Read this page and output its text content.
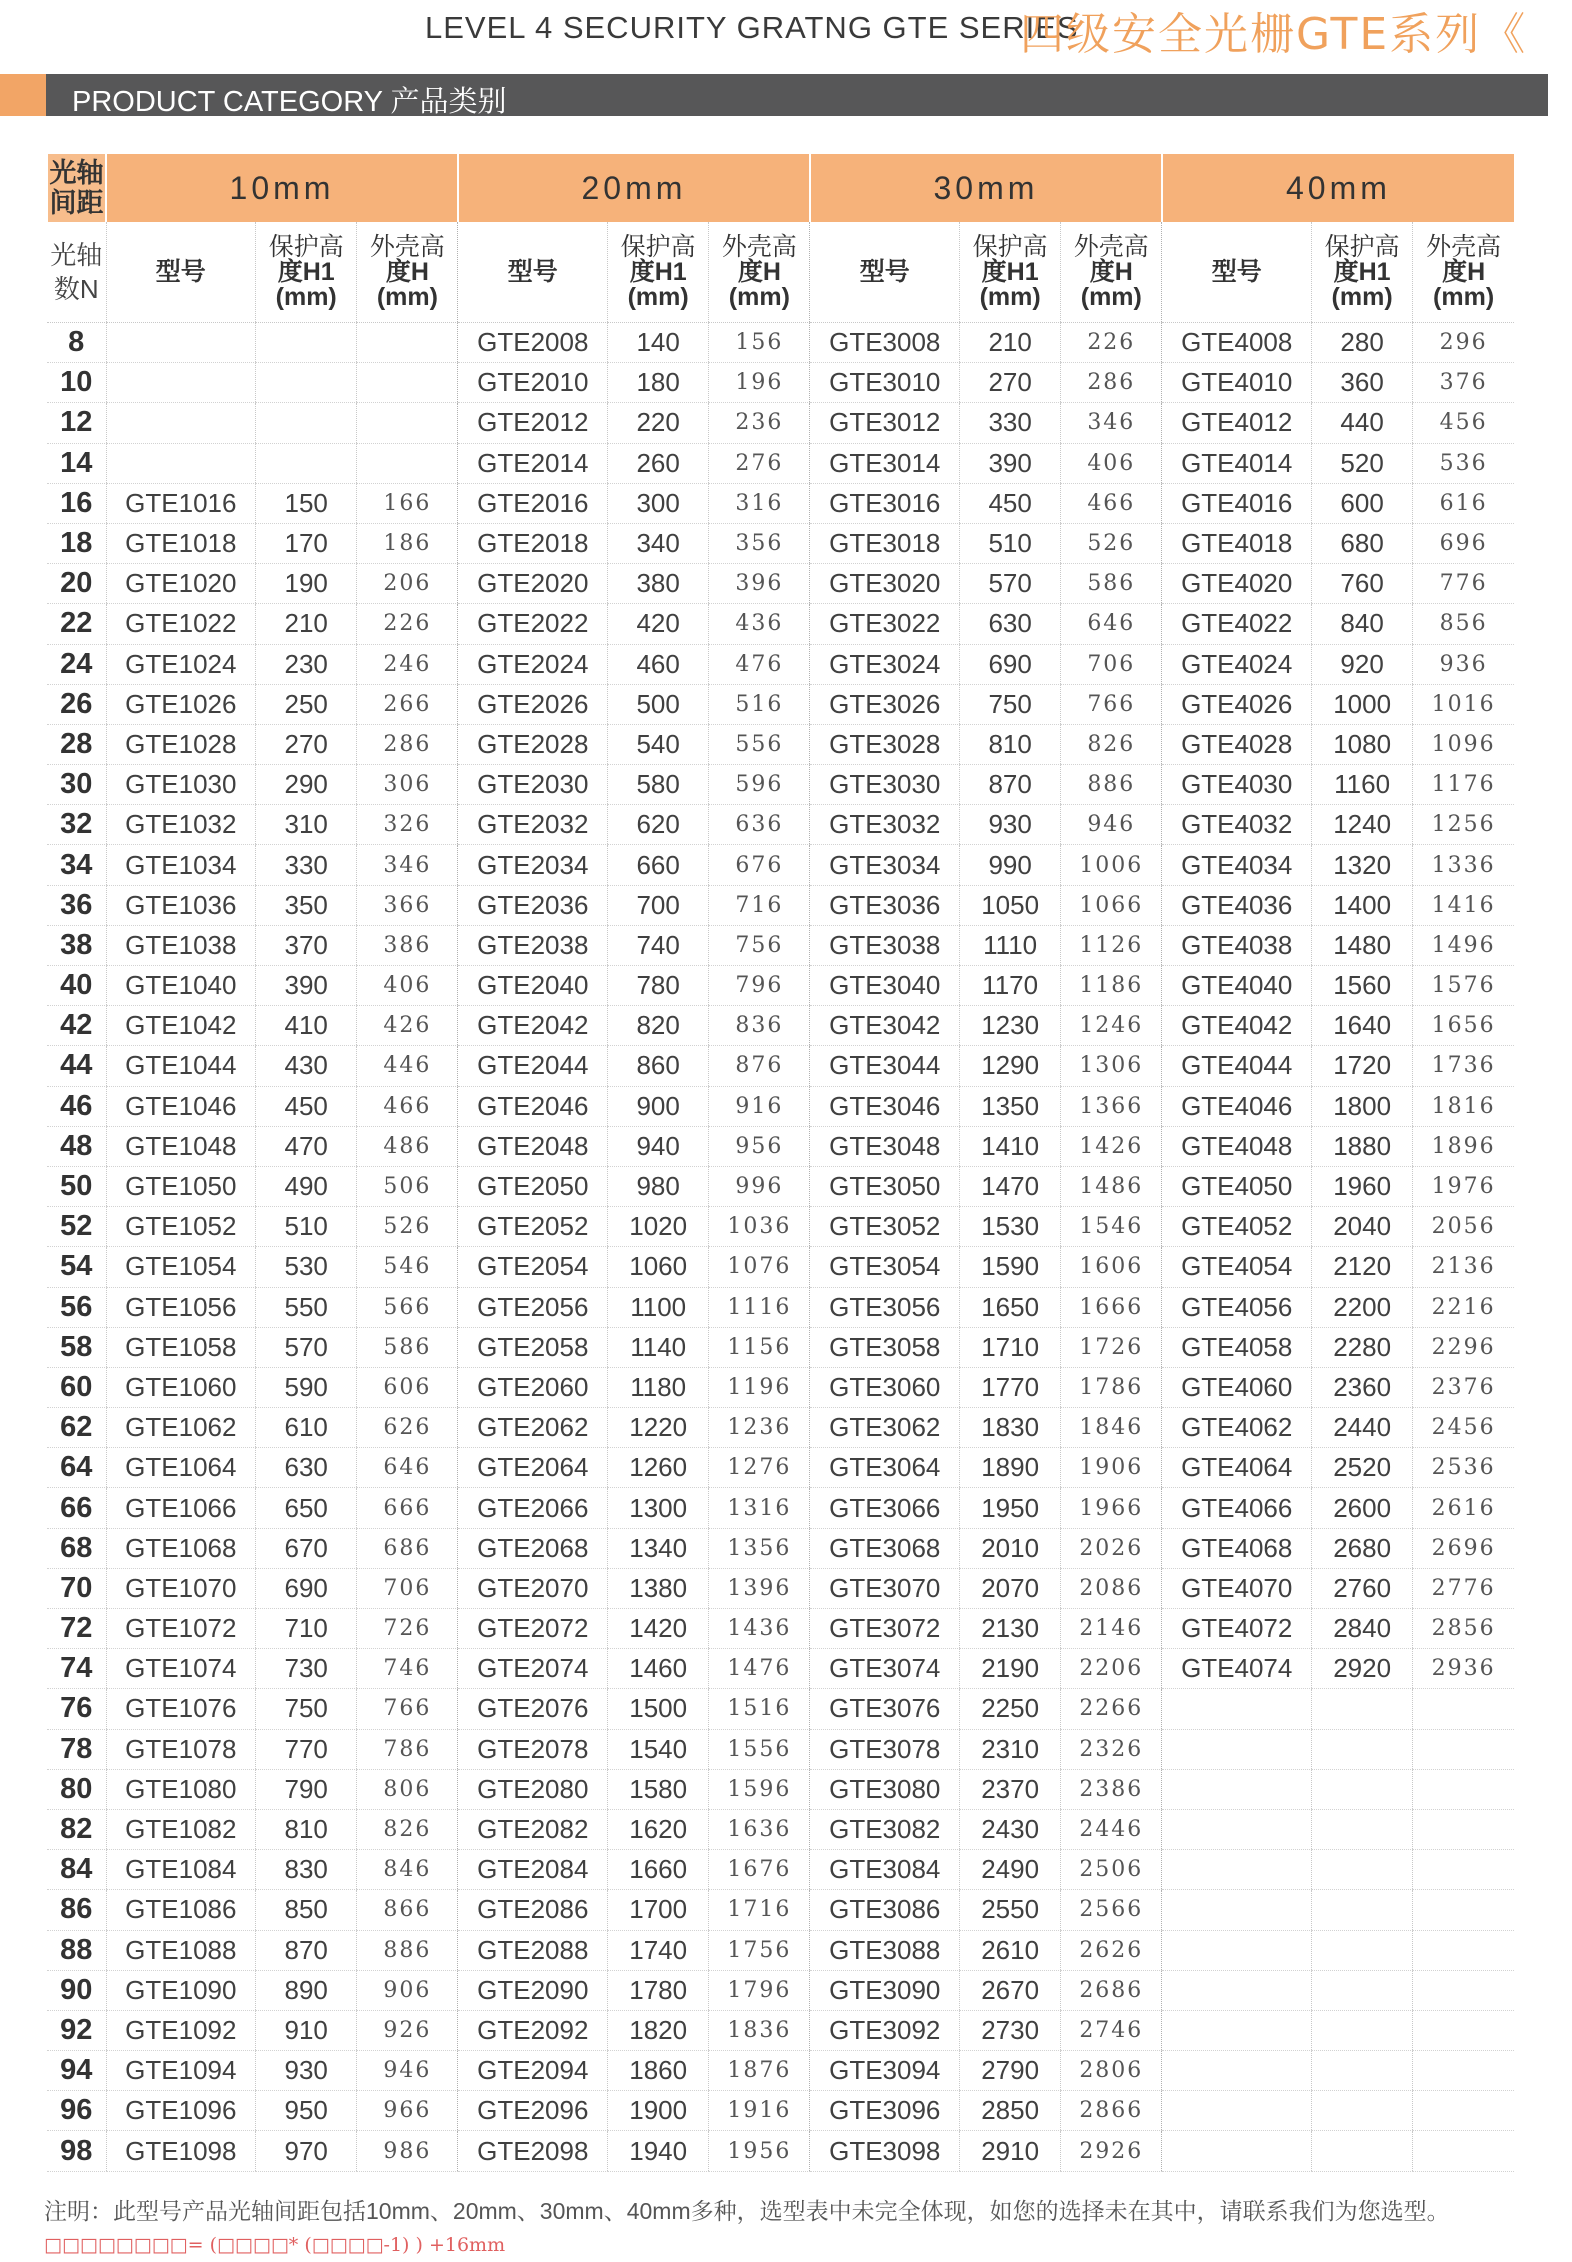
LEVEL 4 SECURITY GRATNG GTE SERIES
四级安全光栅GTE系列《
PRODUCT CATEGORY 产品类别
光轴
间距	10mm			20mm			30mm			40mm		
光轴
数N	型号	保护高
度H1
(mm)	外壳高
度H
(mm)	型号	保护高
度H1
(mm)	外壳高
度H
(mm)	型号	保护高
度H1
(mm)	外壳高
度H
(mm)	型号	保护高
度H1
(mm)	外壳高
度H
(mm)
8				GTE2008	140	156	GTE3008	210	226	GTE4008	280	296
10				GTE2010	180	196	GTE3010	270	286	GTE4010	360	376
12				GTE2012	220	236	GTE3012	330	346	GTE4012	440	456
14				GTE2014	260	276	GTE3014	390	406	GTE4014	520	536
16	GTE1016	150	166	GTE2016	300	316	GTE3016	450	466	GTE4016	600	616
18	GTE1018	170	186	GTE2018	340	356	GTE3018	510	526	GTE4018	680	696
20	GTE1020	190	206	GTE2020	380	396	GTE3020	570	586	GTE4020	760	776
22	GTE1022	210	226	GTE2022	420	436	GTE3022	630	646	GTE4022	840	856
24	GTE1024	230	246	GTE2024	460	476	GTE3024	690	706	GTE4024	920	936
26	GTE1026	250	266	GTE2026	500	516	GTE3026	750	766	GTE4026	1000	1016
28	GTE1028	270	286	GTE2028	540	556	GTE3028	810	826	GTE4028	1080	1096
30	GTE1030	290	306	GTE2030	580	596	GTE3030	870	886	GTE4030	1160	1176
32	GTE1032	310	326	GTE2032	620	636	GTE3032	930	946	GTE4032	1240	1256
34	GTE1034	330	346	GTE2034	660	676	GTE3034	990	1006	GTE4034	1320	1336
36	GTE1036	350	366	GTE2036	700	716	GTE3036	1050	1066	GTE4036	1400	1416
38	GTE1038	370	386	GTE2038	740	756	GTE3038	1110	1126	GTE4038	1480	1496
40	GTE1040	390	406	GTE2040	780	796	GTE3040	1170	1186	GTE4040	1560	1576
42	GTE1042	410	426	GTE2042	820	836	GTE3042	1230	1246	GTE4042	1640	1656
44	GTE1044	430	446	GTE2044	860	876	GTE3044	1290	1306	GTE4044	1720	1736
46	GTE1046	450	466	GTE2046	900	916	GTE3046	1350	1366	GTE4046	1800	1816
48	GTE1048	470	486	GTE2048	940	956	GTE3048	1410	1426	GTE4048	1880	1896
50	GTE1050	490	506	GTE2050	980	996	GTE3050	1470	1486	GTE4050	1960	1976
52	GTE1052	510	526	GTE2052	1020	1036	GTE3052	1530	1546	GTE4052	2040	2056
54	GTE1054	530	546	GTE2054	1060	1076	GTE3054	1590	1606	GTE4054	2120	2136
56	GTE1056	550	566	GTE2056	1100	1116	GTE3056	1650	1666	GTE4056	2200	2216
58	GTE1058	570	586	GTE2058	1140	1156	GTE3058	1710	1726	GTE4058	2280	2296
60	GTE1060	590	606	GTE2060	1180	1196	GTE3060	1770	1786	GTE4060	2360	2376
62	GTE1062	610	626	GTE2062	1220	1236	GTE3062	1830	1846	GTE4062	2440	2456
64	GTE1064	630	646	GTE2064	1260	1276	GTE3064	1890	1906	GTE4064	2520	2536
66	GTE1066	650	666	GTE2066	1300	1316	GTE3066	1950	1966	GTE4066	2600	2616
68	GTE1068	670	686	GTE2068	1340	1356	GTE3068	2010	2026	GTE4068	2680	2696
70	GTE1070	690	706	GTE2070	1380	1396	GTE3070	2070	2086	GTE4070	2760	2776
72	GTE1072	710	726	GTE2072	1420	1436	GTE3072	2130	2146	GTE4072	2840	2856
74	GTE1074	730	746	GTE2074	1460	1476	GTE3074	2190	2206	GTE4074	2920	2936
76	GTE1076	750	766	GTE2076	1500	1516	GTE3076	2250	2266			
78	GTE1078	770	786	GTE2078	1540	1556	GTE3078	2310	2326			
80	GTE1080	790	806	GTE2080	1580	1596	GTE3080	2370	2386			
82	GTE1082	810	826	GTE2082	1620	1636	GTE3082	2430	2446			
84	GTE1084	830	846	GTE2084	1660	1676	GTE3084	2490	2506			
86	GTE1086	850	866	GTE2086	1700	1716	GTE3086	2550	2566			
88	GTE1088	870	886	GTE2088	1740	1756	GTE3088	2610	2626			
90	GTE1090	890	906	GTE2090	1780	1796	GTE3090	2670	2686			
92	GTE1092	910	926	GTE2092	1820	1836	GTE3092	2730	2746			
94	GTE1094	930	946	GTE2094	1860	1876	GTE3094	2790	2806			
96	GTE1096	950	966	GTE2096	1900	1916	GTE3096	2850	2866			
98	GTE1098	970	986	GTE2098	1940	1956	GTE3098	2910	2926			
注明：此型号产品光轴间距包括10mm、20mm、30mm、40mm多种，选型表中未完全体现，如您的选择未在其中，请联系我们为您选型。
□□□□□□□□= (□□□□* (□□□□-1) ) +16mm
